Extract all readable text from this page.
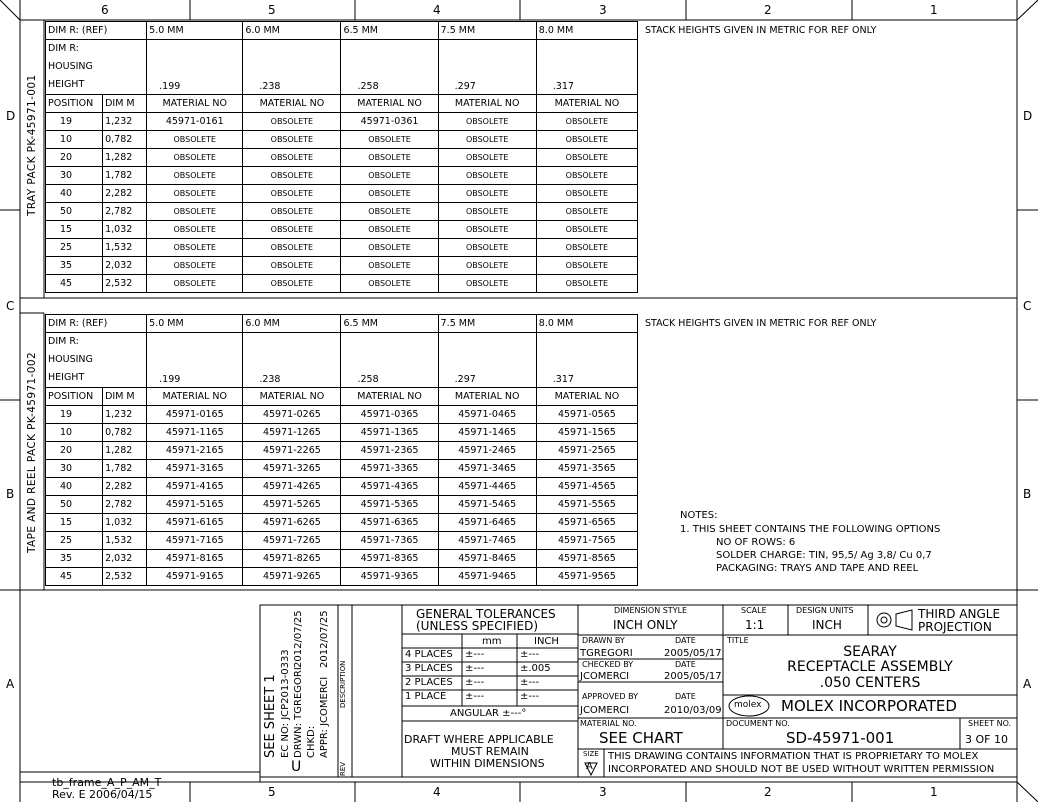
6	5	4	3	2	1
5	4	3	2	1
D
C
B
A
D
C
B
A
TRAY PACK PK-45971-001
TAPE AND REEL PACK PK-45971-002
DIM R: (REF)		5.0 MM	6.0 MM	6.5 MM	7.5 MM	8.0 MM

DIM R:
HOUSING
HEIGHT		.199	.238	.258	.297	.317
POSITION	DIM M	MATERIAL NO	MATERIAL NO	MATERIAL NO	MATERIAL NO	MATERIAL NO
19	1,232	45971-0161	OBSOLETE	45971-0361	OBSOLETE	OBSOLETE
10	0,782	OBSOLETE	OBSOLETE	OBSOLETE	OBSOLETE	OBSOLETE
20	1,282	OBSOLETE	OBSOLETE	OBSOLETE	OBSOLETE	OBSOLETE
30	1,782	OBSOLETE	OBSOLETE	OBSOLETE	OBSOLETE	OBSOLETE
40	2,282	OBSOLETE	OBSOLETE	OBSOLETE	OBSOLETE	OBSOLETE
50	2,782	OBSOLETE	OBSOLETE	OBSOLETE	OBSOLETE	OBSOLETE
15	1,032	OBSOLETE	OBSOLETE	OBSOLETE	OBSOLETE	OBSOLETE
25	1,532	OBSOLETE	OBSOLETE	OBSOLETE	OBSOLETE	OBSOLETE
35	2,032	OBSOLETE	OBSOLETE	OBSOLETE	OBSOLETE	OBSOLETE
45	2,532	OBSOLETE	OBSOLETE	OBSOLETE	OBSOLETE	OBSOLETE
STACK HEIGHTS GIVEN IN METRIC FOR REF ONLY
DIM R: (REF)		5.0 MM	6.0 MM	6.5 MM	7.5 MM	8.0 MM

DIM R:
HOUSING
HEIGHT		.199	.238	.258	.297	.317
POSITION	DIM M	MATERIAL NO	MATERIAL NO	MATERIAL NO	MATERIAL NO	MATERIAL NO
19	1,232	45971-0165	45971-0265	45971-0365	45971-0465	45971-0565
10	0,782	45971-1165	45971-1265	45971-1365	45971-1465	45971-1565
20	1,282	45971-2165	45971-2265	45971-2365	45971-2465	45971-2565
30	1,782	45971-3165	45971-3265	45971-3365	45971-3465	45971-3565
40	2,282	45971-4165	45971-4265	45971-4365	45971-4465	45971-4565
50	2,782	45971-5165	45971-5265	45971-5365	45971-5465	45971-5565
15	1,032	45971-6165	45971-6265	45971-6365	45971-6465	45971-6565
25	1,532	45971-7165	45971-7265	45971-7365	45971-7465	45971-7565
35	2,032	45971-8165	45971-8265	45971-8365	45971-8465	45971-8565
45	2,532	45971-9165	45971-9265	45971-9365	45971-9465	45971-9565
STACK HEIGHTS GIVEN IN METRIC FOR REF ONLY
NOTES:
1. THIS SHEET CONTAINS THE FOLLOWING OPTIONS
NO OF ROWS: 6
SOLDER CHARGE: TIN, 95,5/ Ag 3,8/ Cu 0,7
PACKAGING: TRAYS AND TAPE AND REEL
SEE SHEET 1 EC NO: JCP2013-0333 DRWN: TGREGORI
2012/07/25
CHKD: APPR: JCOMERCI
2012/07/25
U
DESCRIPTION
REV
GENERAL TOLERANCES
(UNLESS SPECIFIED)
mm	INCH
4 PLACES ±---	±---
3 PLACES ±---	±.005
2 PLACES ±---	±---
1 PLACE ±---	±---
ANGULAR ±---°
DRAFT WHERE APPLICABLE
MUST REMAIN
WITHIN DIMENSIONS
DIMENSION STYLE
INCH ONLY
SCALE
1:1
DESIGN UNITS
INCH
THIRD ANGLE
PROJECTION
DRAWN BY	DATE
TGREGORI	2005/05/17
CHECKED BY	DATE
JCOMERCI	2005/05/17
APPROVED BY	DATE
JCOMERCI	2010/03/09
TITLE
SEARAY
RECEPTACLE ASSEMBLY
.050 CENTERS
molex MOLEX INCORPORATED
MATERIAL NO.
SEE CHART
DOCUMENT NO.
SD-45971-001
SHEET NO.
3 OF 10
SIZE
A
THIS DRAWING CONTAINS INFORMATION THAT IS PROPRIETARY TO MOLEX
INCORPORATED AND SHOULD NOT BE USED WITHOUT WRITTEN PERMISSION
tb_frame_A_P_AM_T
Rev. E 2006/04/15
